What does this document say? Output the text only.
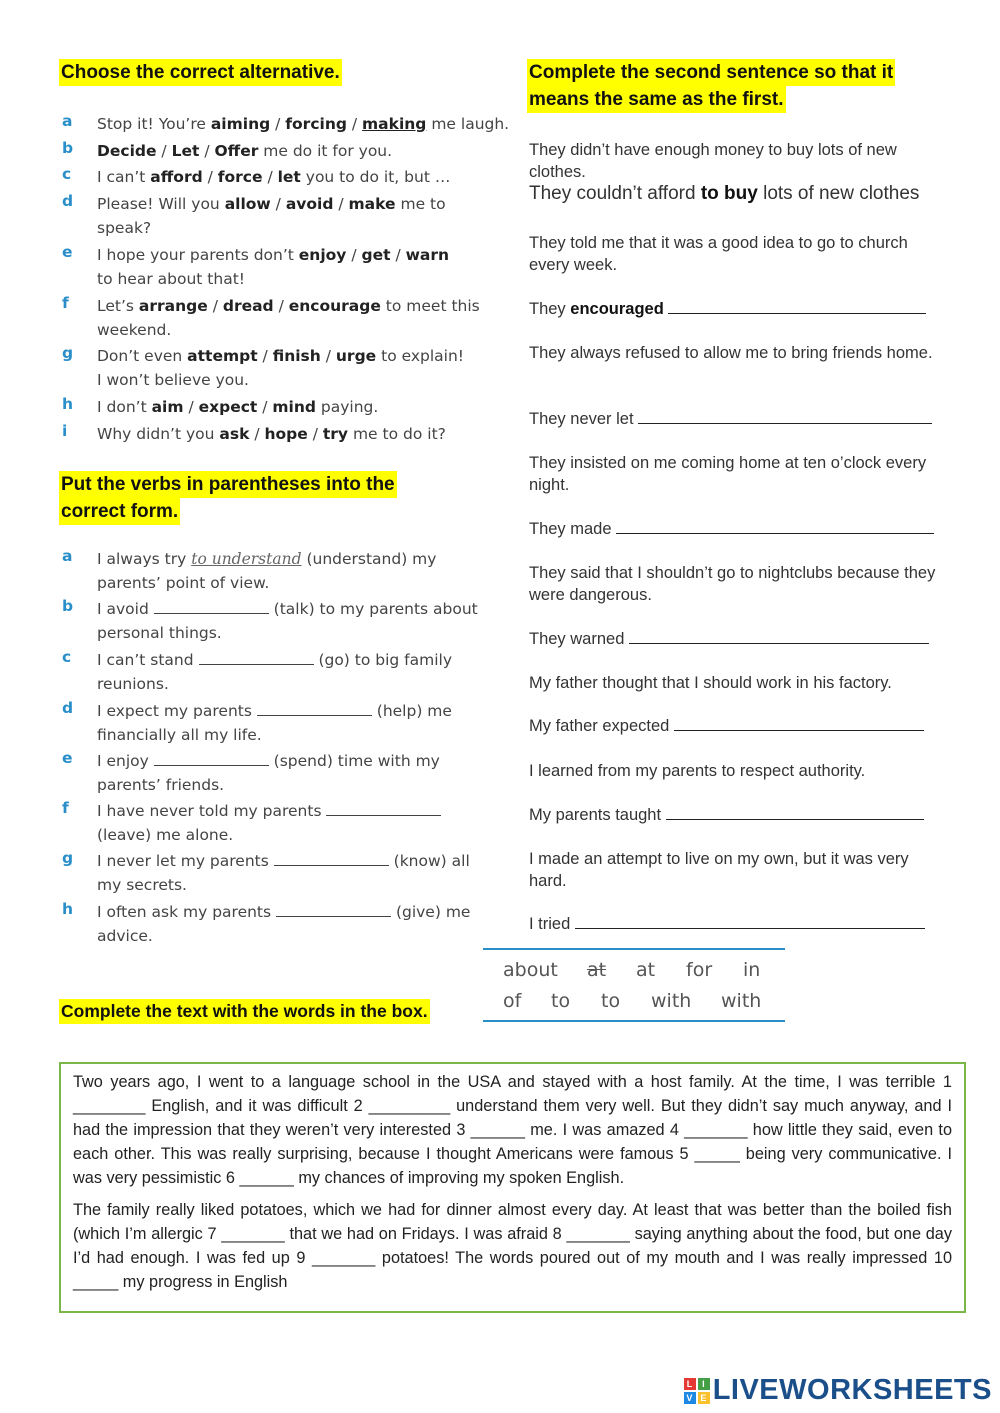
Choose the correct alternative.
a	Stop it! You’re aiming / forcing / making me laugh.
b	Decide / Let / Offer me do it for you.
c	I can’t afford / force / let you to do it, but …
d	Please! Will you allow / avoid / make me to
speak?
e	I hope your parents don’t enjoy / get / warn
to hear about that!
f	Let’s arrange / dread / encourage to meet this
weekend.
g	Don’t even attempt / finish / urge to explain!
I won’t believe you.
h	I don’t aim / expect / mind paying.
i	Why didn’t you ask / hope / try me to do it?
Put the verbs in parentheses into the
correct form.
a	I always try to understand (understand) my
parents’ point of view.
b	I avoid	(talk) to my parents about
personal things.
c	I can’t stand	(go) to big family
reunions.
d	I expect my parents	(help) me
financially all my life.
e	I enjoy	(spend) time with my
parents’ friends.
f	I have never told my parents
(leave) me alone.
g	I never let my parents	(know) all
my secrets.
h	I often ask my parents	(give) me
advice.
Complete the second sentence so that it
means the same as the first.
They didn’t have enough money to buy lots of new clothes.
They couldn’t afford to buy lots of new clothes
They told me that it was a good idea to go to church every week.
They encouraged
They always refused to allow me to bring friends home.
They never let
They insisted on me coming home at ten o’clock every night.
They made
They said that I shouldn’t go to nightclubs because they were dangerous.
They warned
My father thought that I should work in his factory.
My father expected
I learned from my parents to respect authority.
My parents taught
I made an attempt to live on my own, but it was very hard.
I tried
about at at for in
of to to with with
Complete the text with the words in the box.

Two years ago, I went to a language school in the USA and stayed with a host family. At the time, I was terrible 1 ________ English, and it was difficult 2 _________ understand them very well. But they didn’t say much anyway, and I had the impression that they weren’t very interested 3 ______ me. I was amazed 4 _______ how little they said, even to each other. This was really surprising, because I thought Americans were famous 5 _____ being very communicative. I was very pessimistic 6 ______ my chances of improving my spoken English.

The family really liked potatoes, which we had for dinner almost every day. At least that was better than the boiled fish (which I’m allergic 7 _______ that we had on Fridays. I was afraid 8 _______ saying anything about the food, but one day I’d had enough. I was fed up 9 _______ potatoes! The words poured out of my mouth and I was really impressed 10 _____ my progress in English

L	I
V E LIVEWORKSHEETS
